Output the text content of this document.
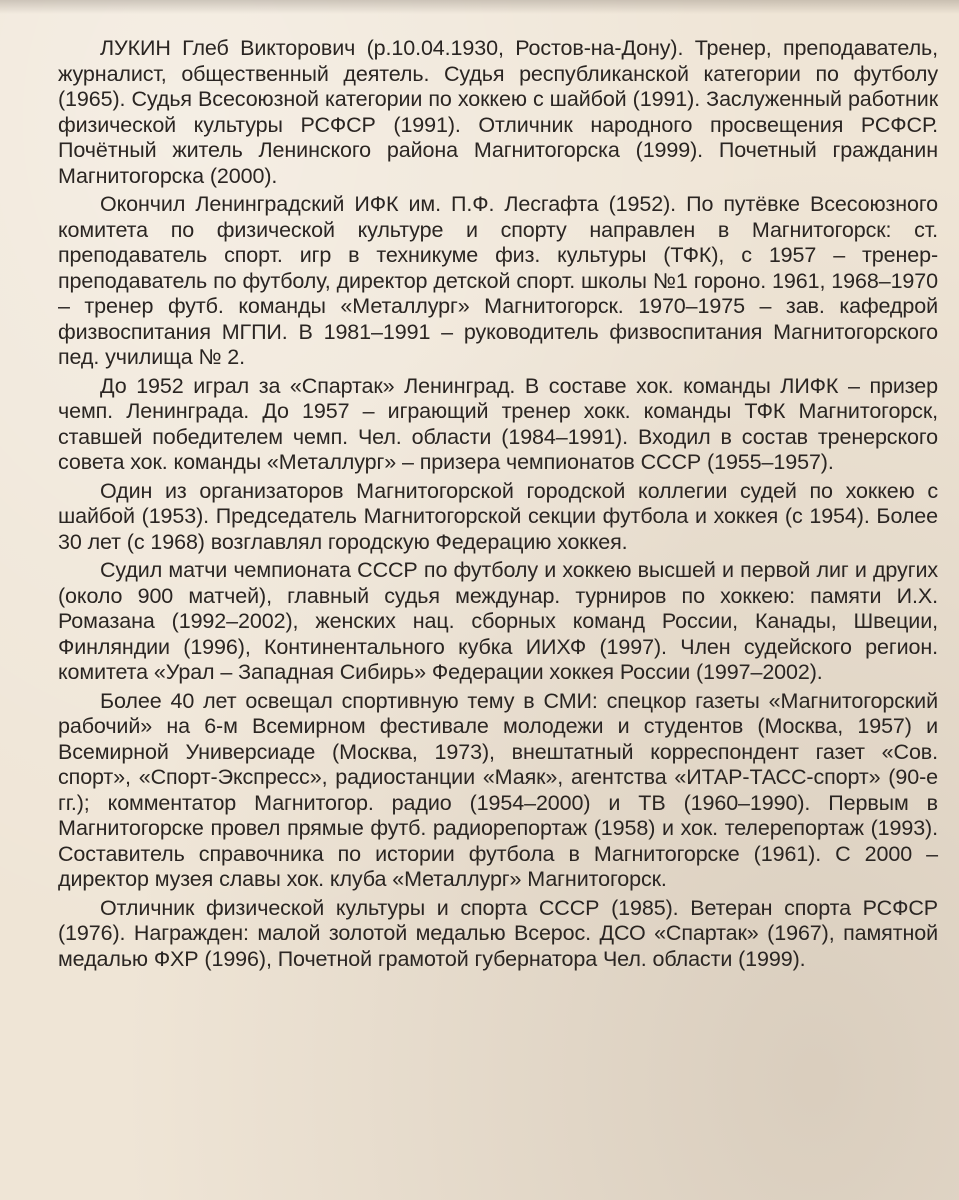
ЛУКИН Глеб Викторович (р.10.04.1930, Ростов-на-Дону). Тренер, преподаватель, журналист, общественный деятель. Судья республиканской категории по футболу (1965). Судья Всесоюзной категории по хоккею с шайбой (1991). Заслуженный работник физической культуры РСФСР (1991). Отличник народного просвещения РСФСР. Почётный житель Ленинского района Магнитогорска (1999). Почетный гражданин Магнитогорска (2000).

Окончил Ленинградский ИФК им. П.Ф. Лесгафта (1952). По путёвке Всесоюзного комитета по физической культуре и спорту направлен в Магнитогорск: ст. преподаватель спорт. игр в техникуме физ. культуры (ТФК), с 1957 – тренер-преподаватель по футболу, директор детской спорт. школы №1 гороно. 1961, 1968–1970 – тренер футб. команды «Металлург» Магнитогорск. 1970–1975 – зав. кафедрой физвоспитания МГПИ. В 1981–1991 – руководитель физвоспитания Магнитогорского пед. училища № 2.

До 1952 играл за «Спартак» Ленинград. В составе хок. команды ЛИФК – призер чемп. Ленинграда. До 1957 – играющий тренер хокк. команды ТФК Магнитогорск, ставшей победителем чемп. Чел. области (1984–1991). Входил в состав тренерского совета хок. команды «Металлург» – призера чемпионатов СССР (1955–1957).

Один из организаторов Магнитогорской городской коллегии судей по хоккею с шайбой (1953). Председатель Магнитогорской секции футбола и хоккея (с 1954). Более 30 лет (с 1968) возглавлял городскую Федерацию хоккея.

Судил матчи чемпионата СССР по футболу и хоккею высшей и первой лиг и других (около 900 матчей), главный судья междунар. турниров по хоккею: памяти И.Х. Ромазана (1992–2002), женских нац. сборных команд России, Канады, Швеции, Финляндии (1996), Континентального кубка ИИХФ (1997). Член судейского регион. комитета «Урал – Западная Сибирь» Федерации хоккея России (1997–2002).

Более 40 лет освещал спортивную тему в СМИ: спецкор газеты «Магнитогорский рабочий» на 6-м Всемирном фестивале молодежи и студентов (Москва, 1957) и Всемирной Универсиаде (Москва, 1973), внештатный корреспондент газет «Сов. спорт», «Спорт-Экспресс», радиостанции «Маяк», агентства «ИТАР-ТАСС-спорт» (90-е гг.); комментатор Магнитогор. радио (1954–2000) и ТВ (1960–1990). Первым в Магнитогорске провел прямые футб. радиорепортаж (1958) и хок. телерепортаж (1993). Составитель справочника по истории футбола в Магнитогорске (1961). С 2000 – директор музея славы хок. клуба «Металлург» Магнитогорск.

Отличник физической культуры и спорта СССР (1985). Ветеран спорта РСФСР (1976). Награжден: малой золотой медалью Всерос. ДСО «Спартак» (1967), памятной медалью ФХР (1996), Почетной грамотой губернатора Чел. области (1999).
